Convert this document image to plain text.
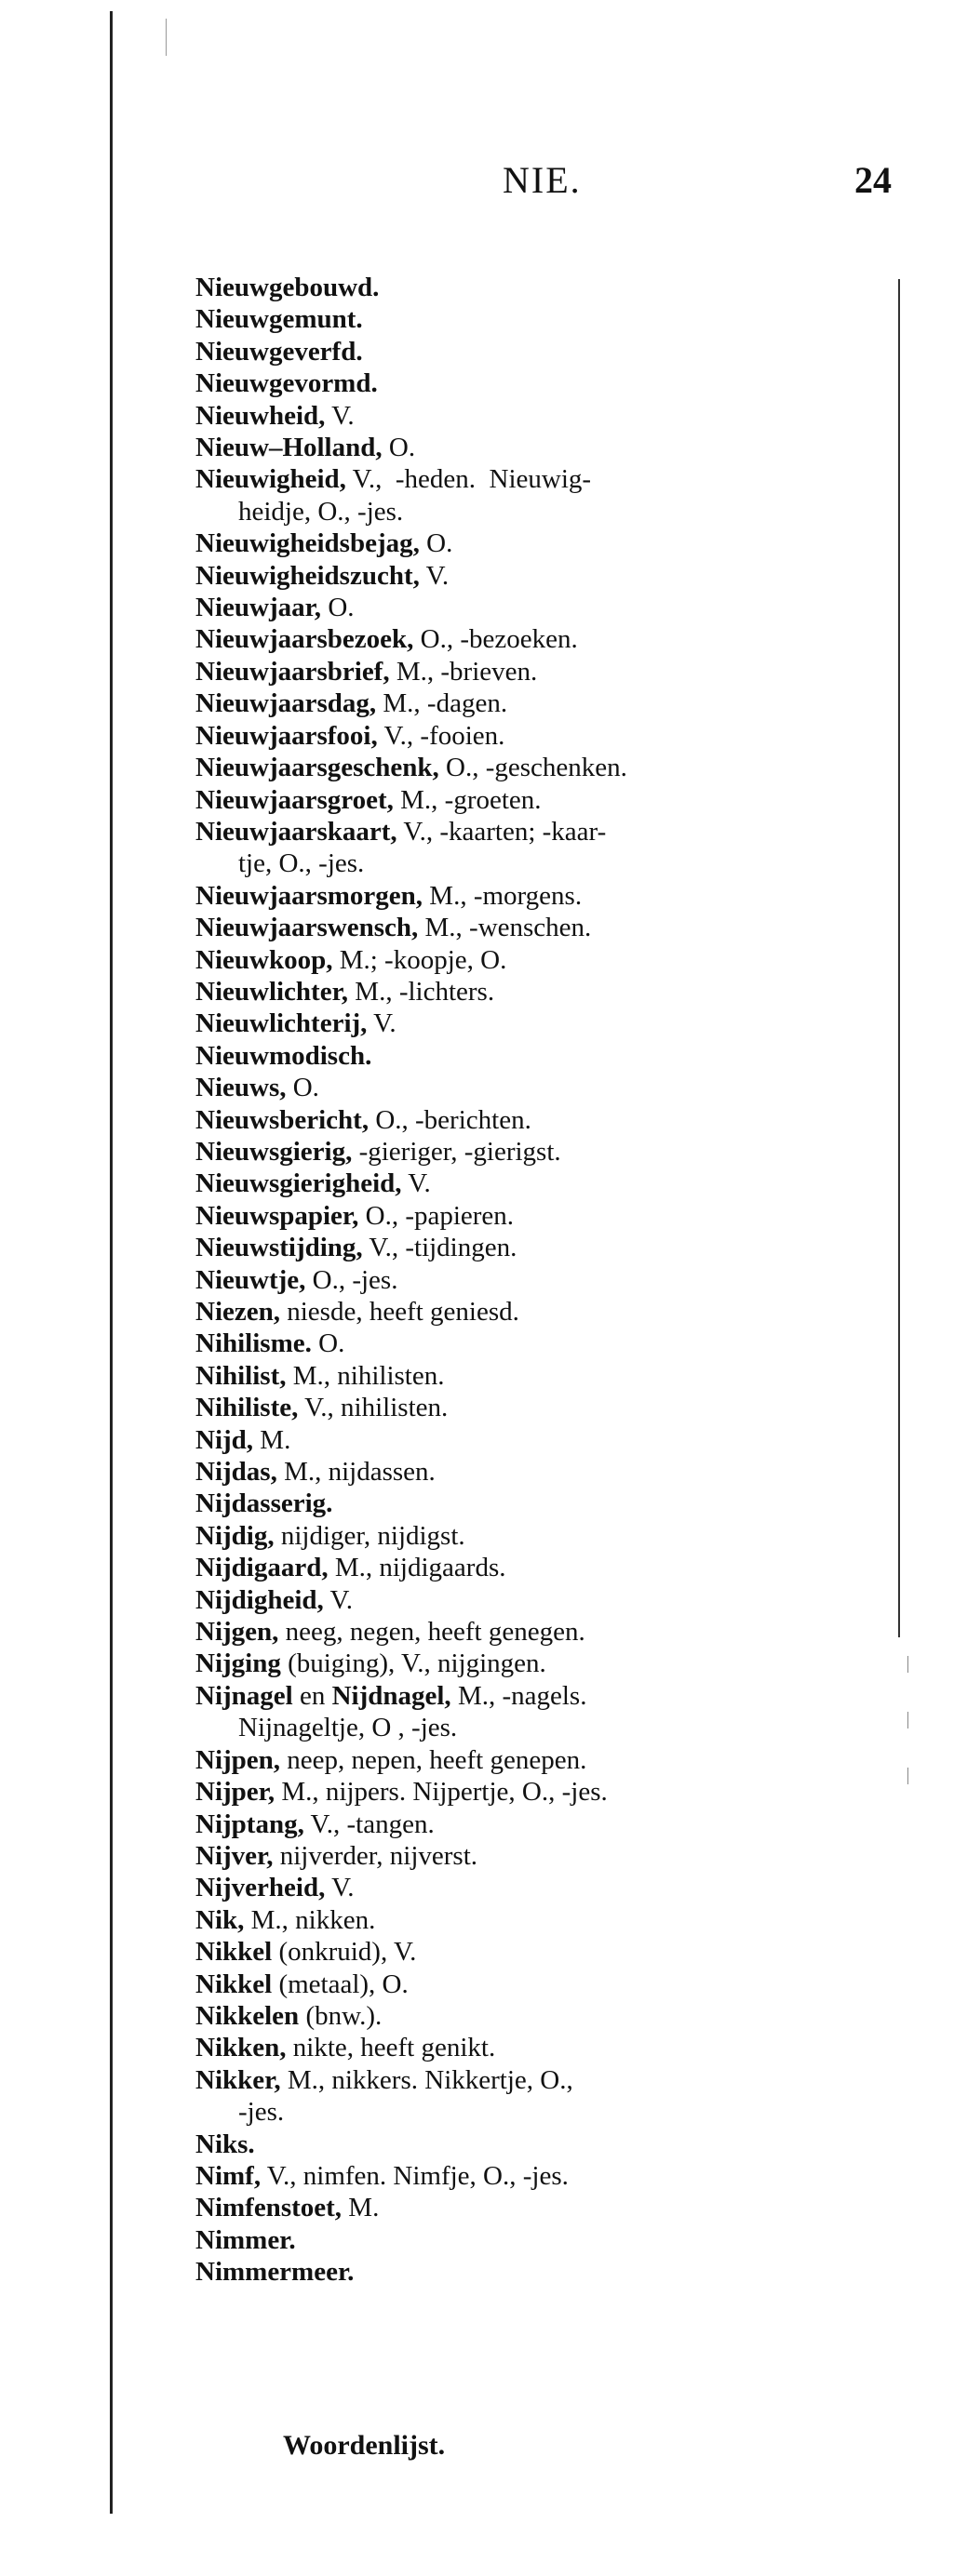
NIE.	24
Nieuwgebouwd.
Nieuwgemunt.
Nieuwgeverfd.
Nieuwgevormd.
Nieuwheid, V.
Nieuw–Holland, O.
Nieuwigheid, V.,  -heden.  Nieuwig-
heidje, O., -jes.
Nieuwigheidsbejag, O.
Nieuwigheidszucht, V.
Nieuwjaar, O.
Nieuwjaarsbezoek, O., -bezoeken.
Nieuwjaarsbrief, M., -brieven.
Nieuwjaarsdag, M., -dagen.
Nieuwjaarsfooi, V., -fooien.
Nieuwjaarsgeschenk, O., -geschenken.
Nieuwjaarsgroet, M., -groeten.
Nieuwjaarskaart, V., -kaarten; -kaar-
tje, O., -jes.
Nieuwjaarsmorgen, M., -morgens.
Nieuwjaarswensch, M., -wenschen.
Nieuwkoop, M.; -koopje, O.
Nieuwlichter, M., -lichters.
Nieuwlichterij, V.
Nieuwmodisch.
Nieuws, O.
Nieuwsbericht, O., -berichten.
Nieuwsgierig, -gieriger, -gierigst.
Nieuwsgierigheid, V.
Nieuwspapier, O., -papieren.
Nieuwstijding, V., -tijdingen.
Nieuwtje, O., -jes.
Niezen, niesde, heeft geniesd.
Nihilisme. O.
Nihilist, M., nihilisten.
Nihiliste, V., nihilisten.
Nijd, M.
Nijdas, M., nijdassen.
Nijdasserig.
Nijdig, nijdiger, nijdigst.
Nijdigaard, M., nijdigaards.
Nijdigheid, V.
Nijgen, neeg, negen, heeft genegen.
Nijging (buiging), V., nijgingen.
Nijnagel en Nijdnagel, M., -nagels.
Nijnageltje, O , -jes.
Nijpen, neep, nepen, heeft genepen.
Nijper, M., nijpers. Nijpertje, O., -jes.
Nijptang, V., -tangen.
Nijver, nijverder, nijverst.
Nijverheid, V.
Nik, M., nikken.
Nikkel (onkruid), V.
Nikkel (metaal), O.
Nikkelen (bnw.).
Nikken, nikte, heeft genikt.
Nikker, M., nikkers. Nikkertje, O.,
-jes.
Niks.
Nimf, V., nimfen. Nimfje, O., -jes.
Nimfenstoet, M.
Nimmer.
Nimmermeer.
Woordenlijst.
